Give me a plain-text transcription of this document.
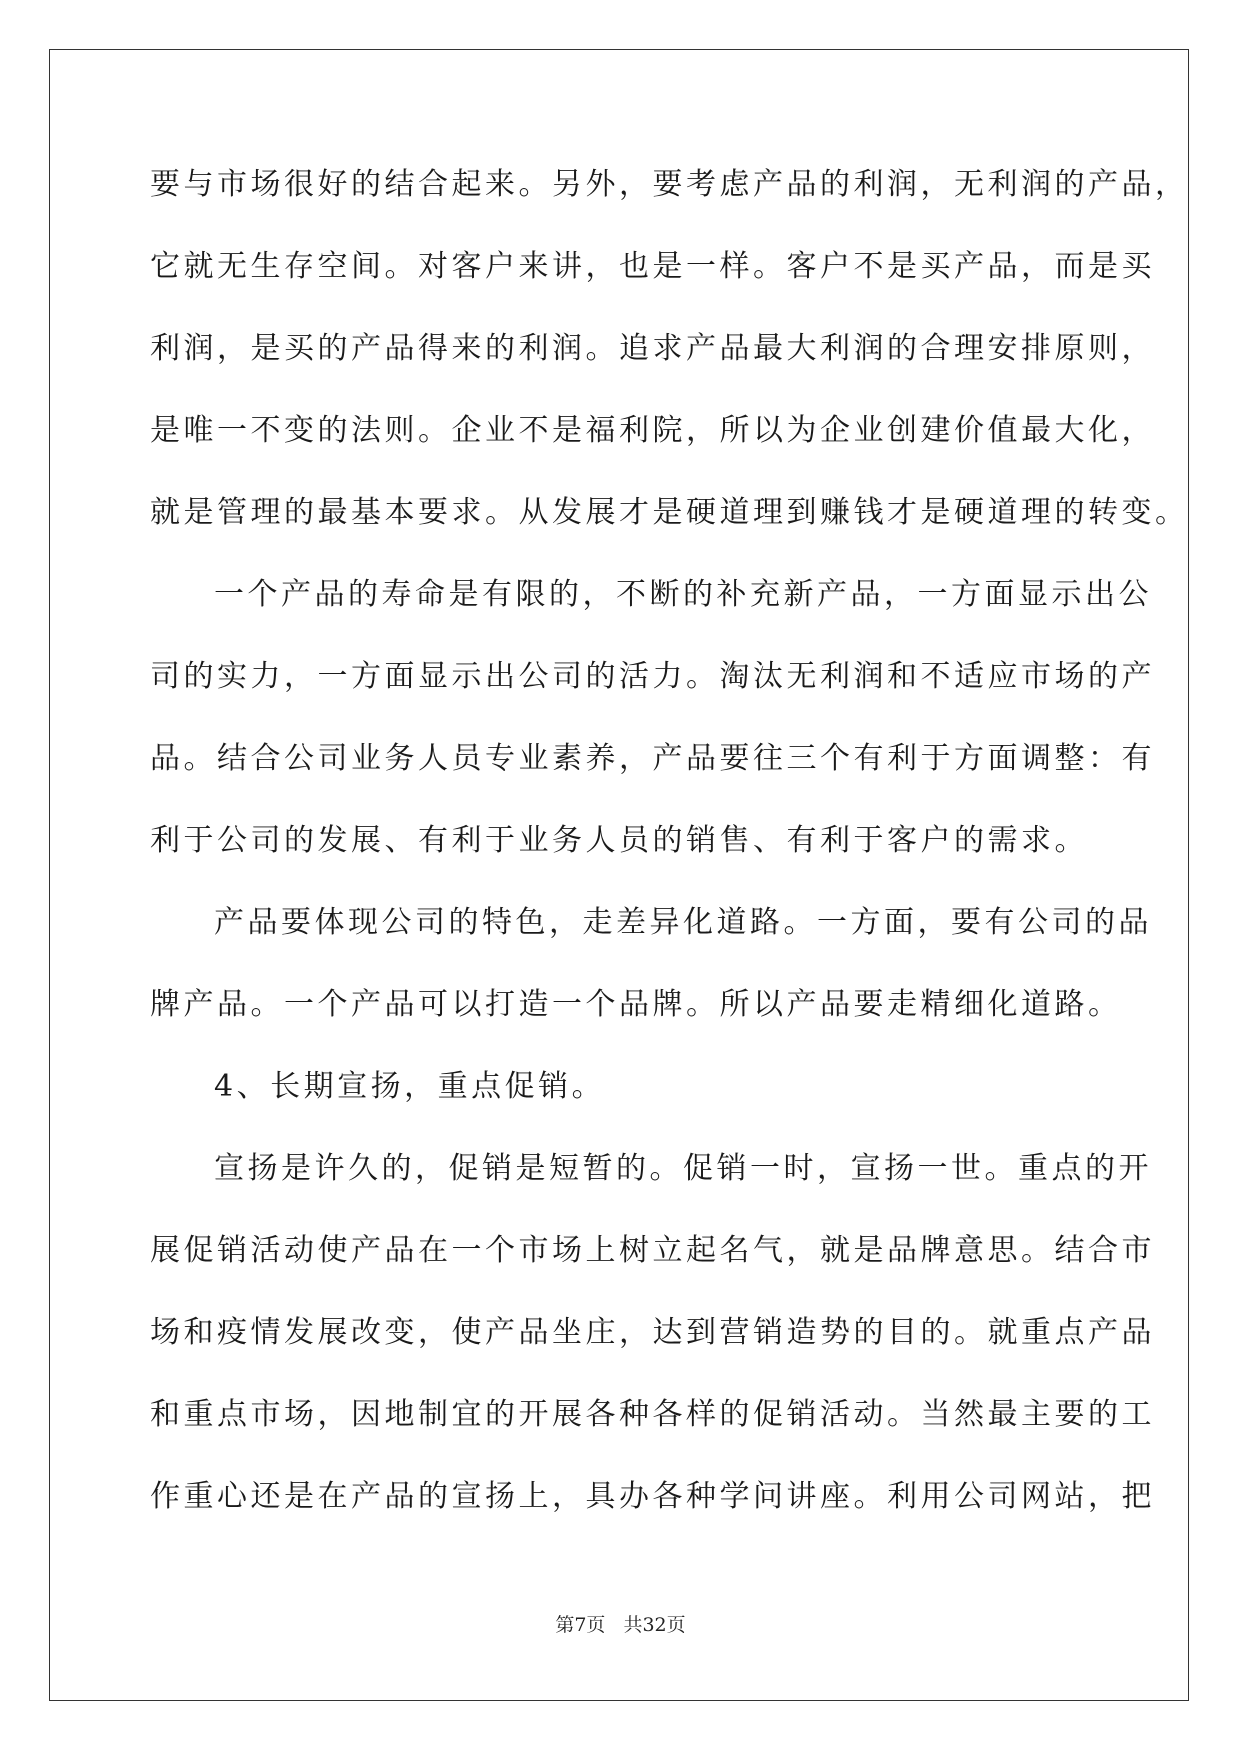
要与市场很好的结合起来。另外，要考虑产品的利润，无利润的产品，
它就无生存空间。对客户来讲，也是一样。客户不是买产品，而是买
利润，是买的产品得来的利润。追求产品最大利润的合理安排原则，
是唯一不变的法则。企业不是福利院，所以为企业创建价值最大化，
就是管理的最基本要求。从发展才是硬道理到赚钱才是硬道理的转变。
一个产品的寿命是有限的，不断的补充新产品，一方面显示出公
司的实力，一方面显示出公司的活力。淘汰无利润和不适应市场的产
品。结合公司业务人员专业素养，产品要往三个有利于方面调整：有
利于公司的发展、有利于业务人员的销售、有利于客户的需求。
产品要体现公司的特色，走差异化道路。一方面，要有公司的品
牌产品。一个产品可以打造一个品牌。所以产品要走精细化道路。
4、长期宣扬，重点促销。
宣扬是许久的，促销是短暂的。促销一时，宣扬一世。重点的开
展促销活动使产品在一个市场上树立起名气，就是品牌意思。结合市
场和疫情发展改变，使产品坐庄，达到营销造势的目的。就重点产品
和重点市场，因地制宜的开展各种各样的促销活动。当然最主要的工
作重心还是在产品的宣扬上，具办各种学问讲座。利用公司网站，把
第7页 共32页
